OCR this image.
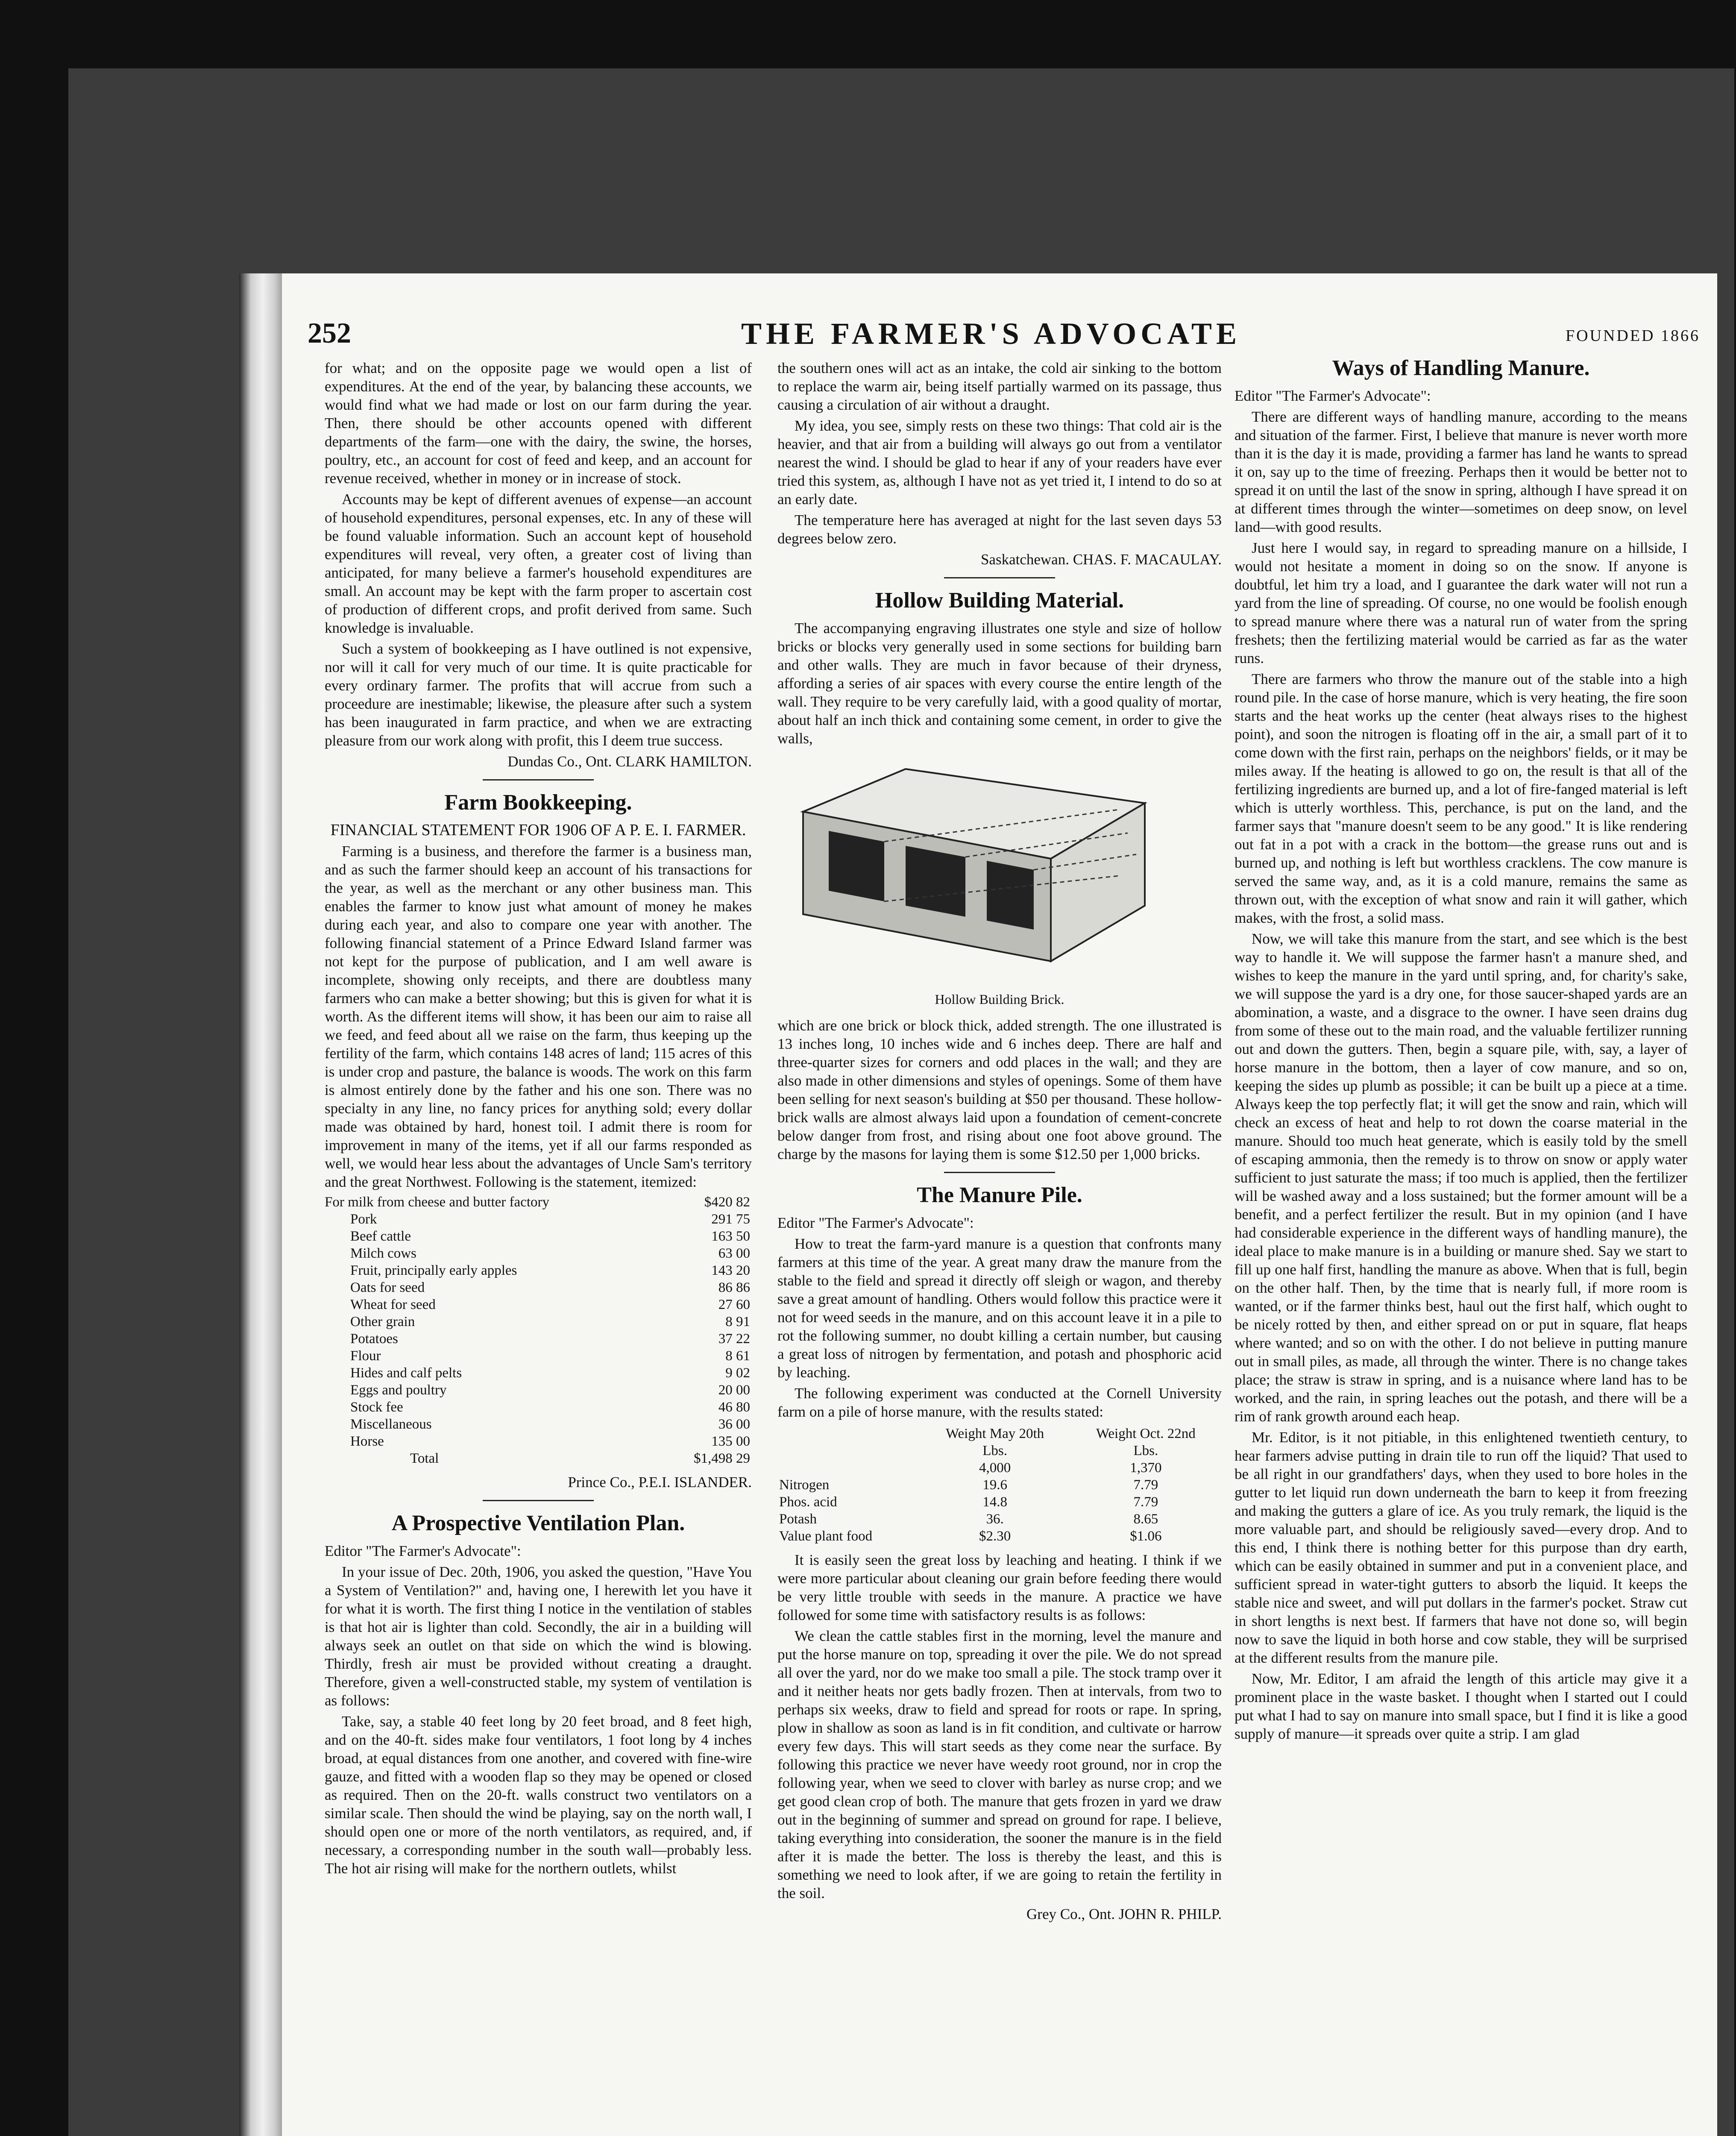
252	THE FARMER'S ADVOCATE	FOUNDED 1866

for what; and on the opposite page we would open a list of expenditures. At the end of the year, by balancing these accounts, we would find what we had made or lost on our farm during the year. Then, there should be other accounts opened with different departments of the farm—one with the dairy, the swine, the horses, poultry, etc., an account for cost of feed and keep, and an account for revenue received, whether in money or in increase of stock.

Accounts may be kept of different avenues of expense—an account of household expenditures, personal expenses, etc. In any of these will be found valuable information. Such an account kept of household expenditures will reveal, very often, a greater cost of living than anticipated, for many believe a farmer's household expenditures are small. An account may be kept with the farm proper to ascertain cost of production of different crops, and profit derived from same. Such knowledge is invaluable.

Such a system of bookkeeping as I have outlined is not expensive, nor will it call for very much of our time. It is quite practicable for every ordinary farmer. The profits that will accrue from such a proceedure are inestimable; likewise, the pleasure after such a system has been inaugurated in farm practice, and when we are extracting pleasure from our work along with profit, this I deem true success.

Dundas Co., Ont. CLARK HAMILTON.

Farm Bookkeeping.
FINANCIAL STATEMENT FOR 1906 OF A P. E. I. FARMER.

Farming is a business, and therefore the farmer is a business man, and as such the farmer should keep an account of his transactions for the year, as well as the merchant or any other business man. This enables the farmer to know just what amount of money he makes during each year, and also to compare one year with another. The following financial statement of a Prince Edward Island farmer was not kept for the purpose of publication, and I am well aware is incomplete, showing only receipts, and there are doubtless many farmers who can make a better showing; but this is given for what it is worth. As the different items will show, it has been our aim to raise all we feed, and feed about all we raise on the farm, thus keeping up the fertility of the farm, which contains 148 acres of land; 115 acres of this is under crop and pasture, the balance is woods. The work on this farm is almost entirely done by the father and his one son. There was no specialty in any line, no fancy prices for anything sold; every dollar made was obtained by hard, honest toil. I admit there is room for improvement in many of the items, yet if all our farms responded as well, we would hear less about the advantages of Uncle Sam's territory and the great Northwest. Following is the statement, itemized:

For milk from cheese and butter factory	$420 82
Pork	291 75
Beef cattle	163 50
Milch cows	63 00
Fruit, principally early apples	143 20
Oats for seed	86 86
Wheat for seed	27 60
Other grain	8 91
Potatoes	37 22
Flour	8 61
Hides and calf pelts	9 02
Eggs and poultry	20 00
Stock fee	46 80
Miscellaneous	36 00
Horse	135 00
Total	$1,498 29

Prince Co., P.E.I. ISLANDER.

A Prospective Ventilation Plan.

Editor "The Farmer's Advocate":

In your issue of Dec. 20th, 1906, you asked the question, "Have You a System of Ventilation?" and, having one, I herewith let you have it for what it is worth. The first thing I notice in the ventilation of stables is that hot air is lighter than cold. Secondly, the air in a building will always seek an outlet on that side on which the wind is blowing. Thirdly, fresh air must be provided without creating a draught. Therefore, given a well-constructed stable, my system of ventilation is as follows:

Take, say, a stable 40 feet long by 20 feet broad, and 8 feet high, and on the 40-ft. sides make four ventilators, 1 foot long by 4 inches broad, at equal distances from one another, and covered with fine-wire gauze, and fitted with a wooden flap so they may be opened or closed as required. Then on the 20-ft. walls construct two ventilators on a similar scale. Then should the wind be playing, say on the north wall, I should open one or more of the north ventilators, as required, and, if necessary, a corresponding number in the south wall—probably less. The hot air rising will make for the northern outlets, whilst

the southern ones will act as an intake, the cold air sinking to the bottom to replace the warm air, being itself partially warmed on its passage, thus causing a circulation of air without a draught.

My idea, you see, simply rests on these two things: That cold air is the heavier, and that air from a building will always go out from a ventilator nearest the wind. I should be glad to hear if any of your readers have ever tried this system, as, although I have not as yet tried it, I intend to do so at an early date.

The temperature here has averaged at night for the last seven days 53 degrees below zero.

Saskatchewan. CHAS. F. MACAULAY.

Hollow Building Material.

The accompanying engraving illustrates one style and size of hollow bricks or blocks very generally used in some sections for building barn and other walls. They are much in favor because of their dryness, affording a series of air spaces with every course the entire length of the wall. They require to be very carefully laid, with a good quality of mortar, about half an inch thick and containing some cement, in order to give the walls,

Hollow Building Brick.

which are one brick or block thick, added strength. The one illustrated is 13 inches long, 10 inches wide and 6 inches deep. There are half and three-quarter sizes for corners and odd places in the wall; and they are also made in other dimensions and styles of openings. Some of them have been selling for next season's building at $50 per thousand. These hollow-brick walls are almost always laid upon a foundation of cement-concrete below danger from frost, and rising about one foot above ground. The charge by the masons for laying them is some $12.50 per 1,000 bricks.

The Manure Pile.

Editor "The Farmer's Advocate":

How to treat the farm-yard manure is a question that confronts many farmers at this time of the year. A great many draw the manure from the stable to the field and spread it directly off sleigh or wagon, and thereby save a great amount of handling. Others would follow this practice were it not for weed seeds in the manure, and on this account leave it in a pile to rot the following summer, no doubt killing a certain number, but causing a great loss of nitrogen by fermentation, and potash and phosphoric acid by leaching.

The following experiment was conducted at the Cornell University farm on a pile of horse manure, with the results stated:

	Weight May 20th	Weight Oct. 22nd
	Lbs.	Lbs.
	4,000	1,370
Nitrogen	19.6	7.79
Phos. acid	14.8	7.79
Potash	36.	8.65
Value plant food	$2.30	$1.06

It is easily seen the great loss by leaching and heating. I think if we were more particular about cleaning our grain before feeding there would be very little trouble with seeds in the manure. A practice we have followed for some time with satisfactory results is as follows:

We clean the cattle stables first in the morning, level the manure and put the horse manure on top, spreading it over the pile. We do not spread all over the yard, nor do we make too small a pile. The stock tramp over it and it neither heats nor gets badly frozen. Then at intervals, from two to perhaps six weeks, draw to field and spread for roots or rape. In spring, plow in shallow as soon as land is in fit condition, and cultivate or harrow every few days. This will start seeds as they come near the surface. By following this practice we never have weedy root ground, nor in crop the following year, when we seed to clover with barley as nurse crop; and we get good clean crop of both. The manure that gets frozen in yard we draw out in the beginning of summer and spread on ground for rape. I believe, taking everything into consideration, the sooner the manure is in the field after it is made the better. The loss is thereby the least, and this is something we need to look after, if we are going to retain the fertility in the soil.

Grey Co., Ont. JOHN R. PHILP.

Ways of Handling Manure.

Editor "The Farmer's Advocate":

There are different ways of handling manure, according to the means and situation of the farmer. First, I believe that manure is never worth more than it is the day it is made, providing a farmer has land he wants to spread it on, say up to the time of freezing. Perhaps then it would be better not to spread it on until the last of the snow in spring, although I have spread it on at different times through the winter—sometimes on deep snow, on level land—with good results.

Just here I would say, in regard to spreading manure on a hillside, I would not hesitate a moment in doing so on the snow. If anyone is doubtful, let him try a load, and I guarantee the dark water will not run a yard from the line of spreading. Of course, no one would be foolish enough to spread manure where there was a natural run of water from the spring freshets; then the fertilizing material would be carried as far as the water runs.

There are farmers who throw the manure out of the stable into a high round pile. In the case of horse manure, which is very heating, the fire soon starts and the heat works up the center (heat always rises to the highest point), and soon the nitrogen is floating off in the air, a small part of it to come down with the first rain, perhaps on the neighbors' fields, or it may be miles away. If the heating is allowed to go on, the result is that all of the fertilizing ingredients are burned up, and a lot of fire-fanged material is left which is utterly worthless. This, perchance, is put on the land, and the farmer says that "manure doesn't seem to be any good." It is like rendering out fat in a pot with a crack in the bottom—the grease runs out and is burned up, and nothing is left but worthless cracklens. The cow manure is served the same way, and, as it is a cold manure, remains the same as thrown out, with the exception of what snow and rain it will gather, which makes, with the frost, a solid mass.

Now, we will take this manure from the start, and see which is the best way to handle it. We will suppose the farmer hasn't a manure shed, and wishes to keep the manure in the yard until spring, and, for charity's sake, we will suppose the yard is a dry one, for those saucer-shaped yards are an abomination, a waste, and a disgrace to the owner. I have seen drains dug from some of these out to the main road, and the valuable fertilizer running out and down the gutters. Then, begin a square pile, with, say, a layer of horse manure in the bottom, then a layer of cow manure, and so on, keeping the sides up plumb as possible; it can be built up a piece at a time. Always keep the top perfectly flat; it will get the snow and rain, which will check an excess of heat and help to rot down the coarse material in the manure. Should too much heat generate, which is easily told by the smell of escaping ammonia, then the remedy is to throw on snow or apply water sufficient to just saturate the mass; if too much is applied, then the fertilizer will be washed away and a loss sustained; but the former amount will be a benefit, and a perfect fertilizer the result. But in my opinion (and I have had considerable experience in the different ways of handling manure), the ideal place to make manure is in a building or manure shed. Say we start to fill up one half first, handling the manure as above. When that is full, begin on the other half. Then, by the time that is nearly full, if more room is wanted, or if the farmer thinks best, haul out the first half, which ought to be nicely rotted by then, and either spread on or put in square, flat heaps where wanted; and so on with the other. I do not believe in putting manure out in small piles, as made, all through the winter. There is no change takes place; the straw is straw in spring, and is a nuisance where land has to be worked, and the rain, in spring leaches out the potash, and there will be a rim of rank growth around each heap.

Mr. Editor, is it not pitiable, in this enlightened twentieth century, to hear farmers advise putting in drain tile to run off the liquid? That used to be all right in our grandfathers' days, when they used to bore holes in the gutter to let liquid run down underneath the barn to keep it from freezing and making the gutters a glare of ice. As you truly remark, the liquid is the more valuable part, and should be religiously saved—every drop. And to this end, I think there is nothing better for this purpose than dry earth, which can be easily obtained in summer and put in a convenient place, and sufficient spread in water-tight gutters to absorb the liquid. It keeps the stable nice and sweet, and will put dollars in the farmer's pocket. Straw cut in short lengths is next best. If farmers that have not done so, will begin now to save the liquid in both horse and cow stable, they will be surprised at the different results from the manure pile.

Now, Mr. Editor, I am afraid the length of this article may give it a prominent place in the waste basket. I thought when I started out I could put what I had to say on manure into small space, but I find it is like a good supply of manure—it spreads over quite a strip. I am glad
